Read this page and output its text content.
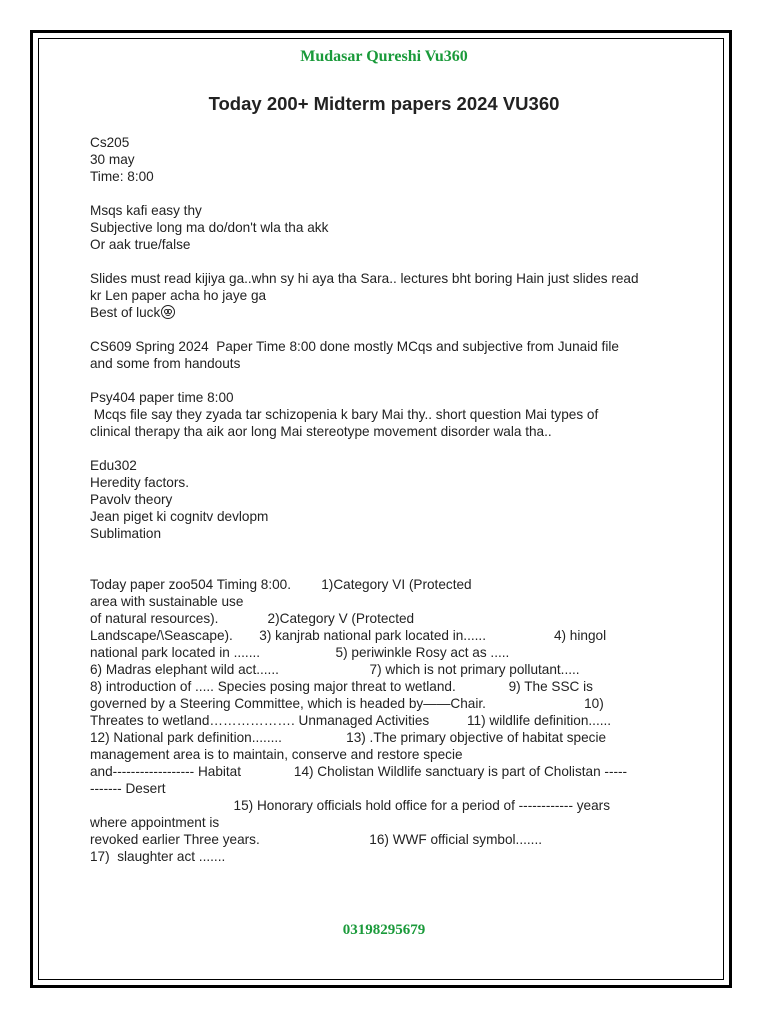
Mudasar Qureshi Vu360
Today 200+ Midterm papers 2024 VU360
Cs205
30 may
Time: 8:00
Msqs kafi easy thy
Subjective long ma do/don't wla tha akk
Or aak true/false
Slides must read kijiya ga..whn sy hi aya tha Sara.. lectures bht boring Hain just slides read
kr Len paper acha ho jaye ga
Best of luck
CS609 Spring 2024  Paper Time 8:00 done mostly MCqs and subjective from Junaid file
and some from handouts
Psy404 paper time 8:00
Mcqs file say they zyada tar schizopenia k bary Mai thy.. short question Mai types of
clinical therapy tha aik aor long Mai stereotype movement disorder wala tha..
Edu302
Heredity factors.
Pavolv theory
Jean piget ki cognitv devlopm
Sublimation
Today paper zoo504 Timing 8:00.        1)Category VI (Protected
area with sustainable use
of natural resources).             2)Category V (Protected
Landscape/\Seascape).       3) kanjrab national park located in......                  4) hingol
national park located in .......                    5) periwinkle Rosy act as .....
6) Madras elephant wild act......                        7) which is not primary pollutant.....
8) introduction of ..... Species posing major threat to wetland.              9) The SSC is
governed by a Steering Committee, which is headed by——Chair.                          10)
Threates to wetland………………. Unmanaged Activities          11) wildlife definition......
12) National park definition........                 13) .The primary objective of habitat specie
management area is to maintain, conserve and restore specie
and------------------ Habitat              14) Cholistan Wildlife sanctuary is part of Cholistan -----
------- Desert
15) Honorary officials hold office for a period of ------------ years
where appointment is
revoked earlier Three years.                             16) WWF official symbol.......
17)  slaughter act .......
03198295679
